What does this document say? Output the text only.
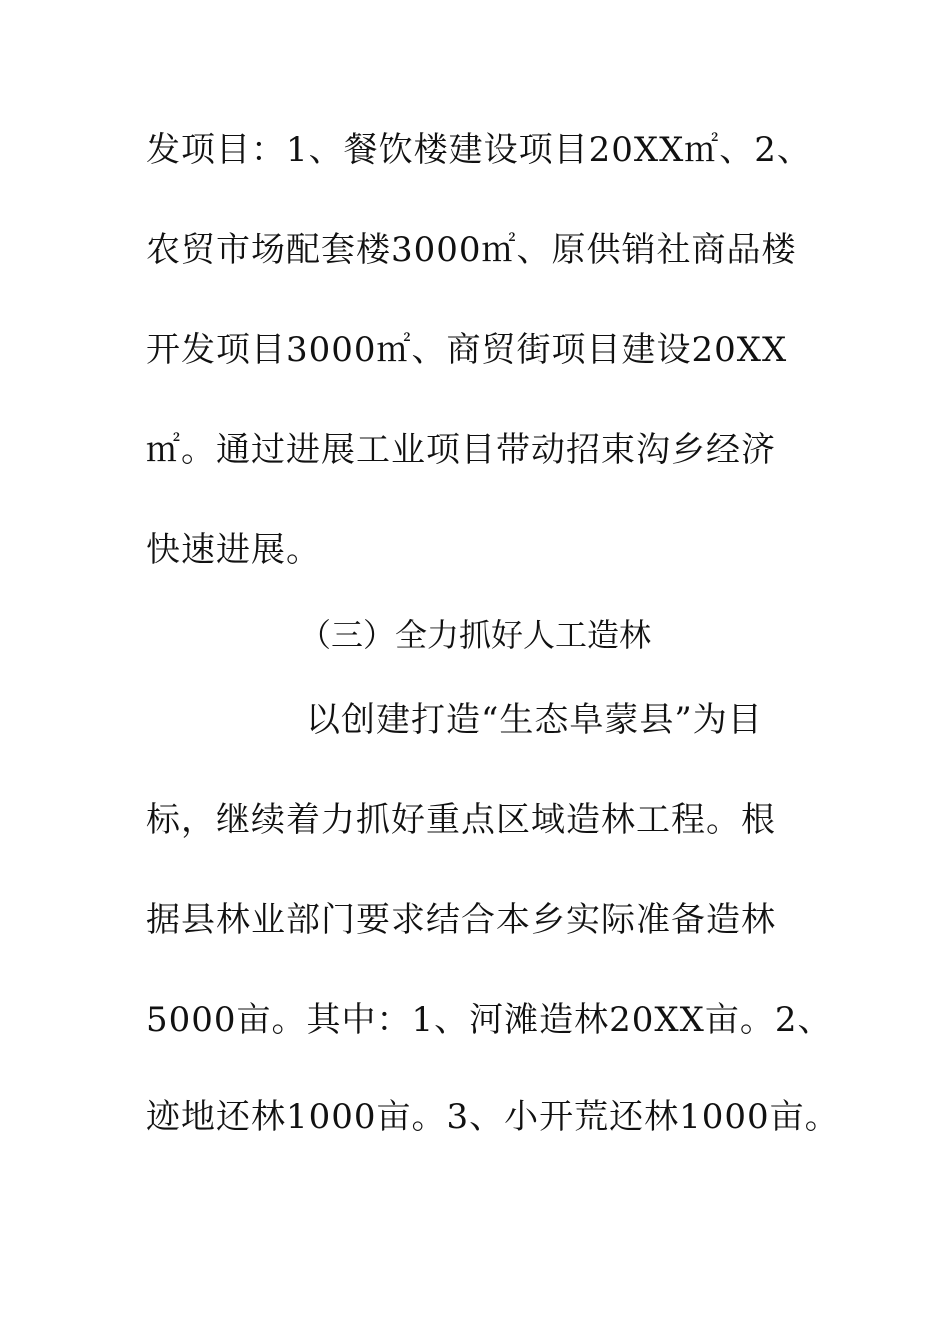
发项目：1、餐饮楼建设项目20XX㎡、2、
农贸市场配套楼3000㎡、原供销社商品楼
开发项目3000㎡、商贸街项目建设20XX
㎡。通过进展工业项目带动招束沟乡经济
快速进展。
（三）全力抓好人工造林
以创建打造“生态阜蒙县”为目
标，继续着力抓好重点区域造林工程。根
据县林业部门要求结合本乡实际准备造林
5000亩。其中：1、河滩造林20XX亩。2、
迹地还林1000亩。3、小开荒还林1000亩。
